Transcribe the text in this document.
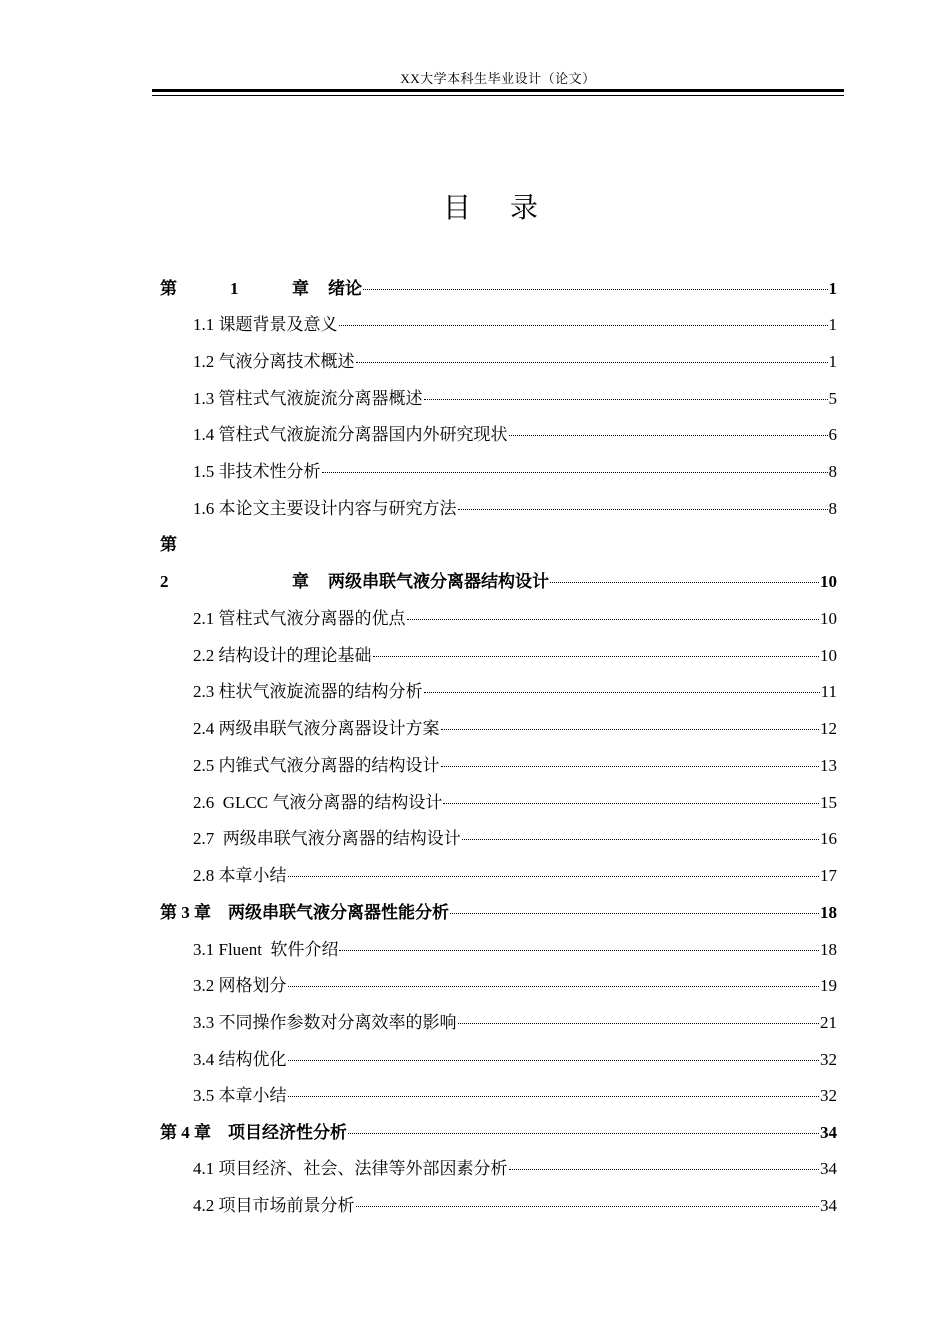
XX大学本科生毕业设计（论文）
目 录
第	1	章 绪论	1
1.1 课题背景及意义	1
1.2 气液分离技术概述	1
1.3 管柱式气液旋流分离器概述	5
1.4 管柱式气液旋流分离器国内外研究现状	6
1.5 非技术性分析	8
1.6 本论文主要设计内容与研究方法	8
第
2	章 两级串联气液分离器结构设计	10
2.1 管柱式气液分离器的优点	10
2.2 结构设计的理论基础	10
2.3 柱状气液旋流器的结构分析	11
2.4 两级串联气液分离器设计方案	12
2.5 内锥式气液分离器的结构设计	13
2.6  GLCC 气液分离器的结构设计	15
2.7  两级串联气液分离器的结构设计	16
2.8 本章小结	17
第 3 章　两级串联气液分离器性能分析	18
3.1 Fluent  软件介绍	18
3.2 网格划分	19
3.3 不同操作参数对分离效率的影响	21
3.4 结构优化	32
3.5 本章小结	32
第 4 章　项目经济性分析	34
4.1 项目经济、社会、法律等外部因素分析	34
4.2 项目市场前景分析	34
